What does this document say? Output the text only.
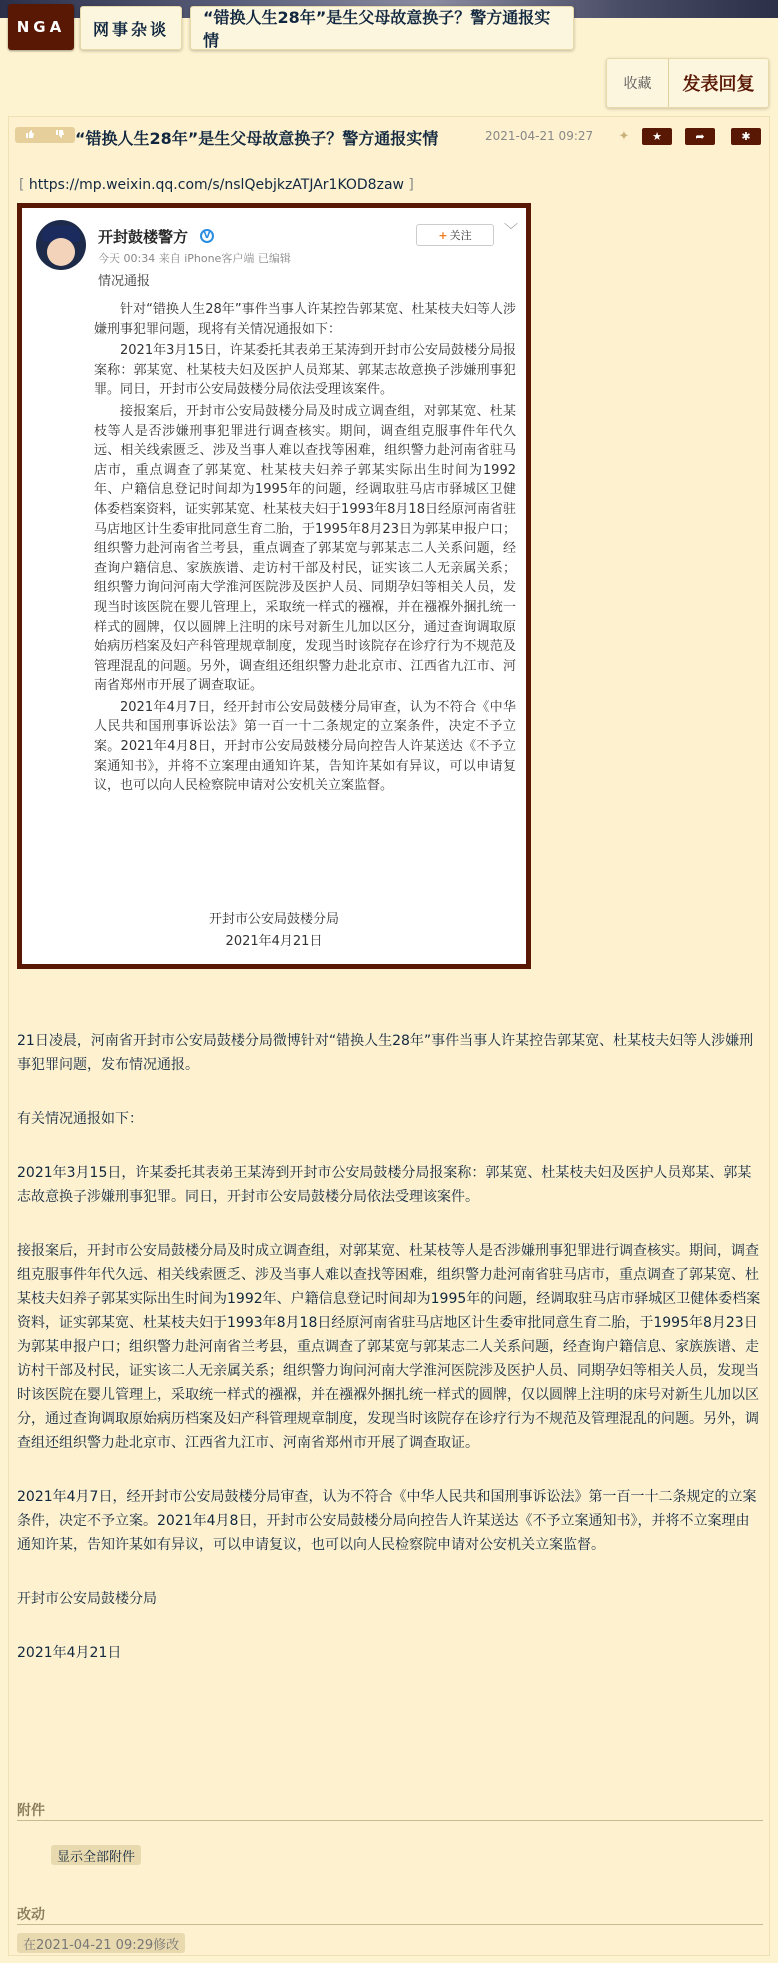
NGA	网事杂谈
“错换人生28年”是生父母故意换子？警方通报实情
收藏	发表回复
“错换人生28年”是生父母故意换子？警方通报实情	2021-04-21 09:27 ✦	★	➦	✱
[ https://mp.weixin.qq.com/s/nslQebjkzATJAr1KOD8zaw ]
开封鼓楼警方	V
今天 00:34 来自 iPhone客户端 已编辑
+ 关注 ﹀
情况通报

针对“错换人生28年”事件当事人许某控告郭某宽、杜某枝夫妇等人涉嫌刑事犯罪问题，现将有关情况通报如下：

2021年3月15日，许某委托其表弟王某涛到开封市公安局鼓楼分局报案称：郭某宽、杜某枝夫妇及医护人员郑某、郭某志故意换子涉嫌刑事犯罪。同日，开封市公安局鼓楼分局依法受理该案件。

接报案后，开封市公安局鼓楼分局及时成立调查组，对郭某宽、杜某枝等人是否涉嫌刑事犯罪进行调查核实。期间，调查组克服事件年代久远、相关线索匮乏、涉及当事人难以查找等困难，组织警力赴河南省驻马店市，重点调查了郭某宽、杜某枝夫妇养子郭某实际出生时间为1992年、户籍信息登记时间却为1995年的问题，经调取驻马店市驿城区卫健体委档案资料，证实郭某宽、杜某枝夫妇于1993年8月18日经原河南省驻马店地区计生委审批同意生育二胎，于1995年8月23日为郭某申报户口；组织警力赴河南省兰考县，重点调查了郭某宽与郭某志二人关系问题，经查询户籍信息、家族族谱、走访村干部及村民，证实该二人无亲属关系；组织警力询问河南大学淮河医院涉及医护人员、同期孕妇等相关人员，发现当时该医院在婴儿管理上，采取统一样式的襁褓，并在襁褓外捆扎统一样式的圆牌，仅以圆牌上注明的床号对新生儿加以区分，通过查询调取原始病历档案及妇产科管理规章制度，发现当时该院存在诊疗行为不规范及管理混乱的问题。另外，调查组还组织警力赴北京市、江西省九江市、河南省郑州市开展了调查取证。

2021年4月7日，经开封市公安局鼓楼分局审查，认为不符合《中华人民共和国刑事诉讼法》第一百一十二条规定的立案条件，决定不予立案。2021年4月8日，开封市公安局鼓楼分局向控告人许某送达《不予立案通知书》，并将不立案理由通知许某，告知许某如有异议，可以申请复议，也可以向人民检察院申请对公安机关立案监督。

开封市公安局鼓楼分局
2021年4月21日

21日凌晨，河南省开封市公安局鼓楼分局微博针对“错换人生28年”事件当事人许某控告郭某宽、杜某枝夫妇等人涉嫌刑事犯罪问题，发布情况通报。

有关情况通报如下：

2021年3月15日，许某委托其表弟王某涛到开封市公安局鼓楼分局报案称：郭某宽、杜某枝夫妇及医护人员郑某、郭某志故意换子涉嫌刑事犯罪。同日，开封市公安局鼓楼分局依法受理该案件。

接报案后，开封市公安局鼓楼分局及时成立调查组，对郭某宽、杜某枝等人是否涉嫌刑事犯罪进行调查核实。期间，调查组克服事件年代久远、相关线索匮乏、涉及当事人难以查找等困难，组织警力赴河南省驻马店市，重点调查了郭某宽、杜某枝夫妇养子郭某实际出生时间为1992年、户籍信息登记时间却为1995年的问题，经调取驻马店市驿城区卫健体委档案资料，证实郭某宽、杜某枝夫妇于1993年8月18日经原河南省驻马店地区计生委审批同意生育二胎，于1995年8月23日为郭某申报户口；组织警力赴河南省兰考县，重点调查了郭某宽与郭某志二人关系问题，经查询户籍信息、家族族谱、走访村干部及村民，证实该二人无亲属关系；组织警力询问河南大学淮河医院涉及医护人员、同期孕妇等相关人员，发现当时该医院在婴儿管理上，采取统一样式的襁褓，并在襁褓外捆扎统一样式的圆牌，仅以圆牌上注明的床号对新生儿加以区分，通过查询调取原始病历档案及妇产科管理规章制度，发现当时该院存在诊疗行为不规范及管理混乱的问题。另外，调查组还组织警力赴北京市、江西省九江市、河南省郑州市开展了调查取证。

2021年4月7日，经开封市公安局鼓楼分局审查，认为不符合《中华人民共和国刑事诉讼法》第一百一十二条规定的立案条件，决定不予立案。2021年4月8日，开封市公安局鼓楼分局向控告人许某送达《不予立案通知书》，并将不立案理由通知许某，告知许某如有异议，可以申请复议，也可以向人民检察院申请对公安机关立案监督。

开封市公安局鼓楼分局

2021年4月21日

附件
显示全部附件
改动
在2021-04-21 09:29修改
